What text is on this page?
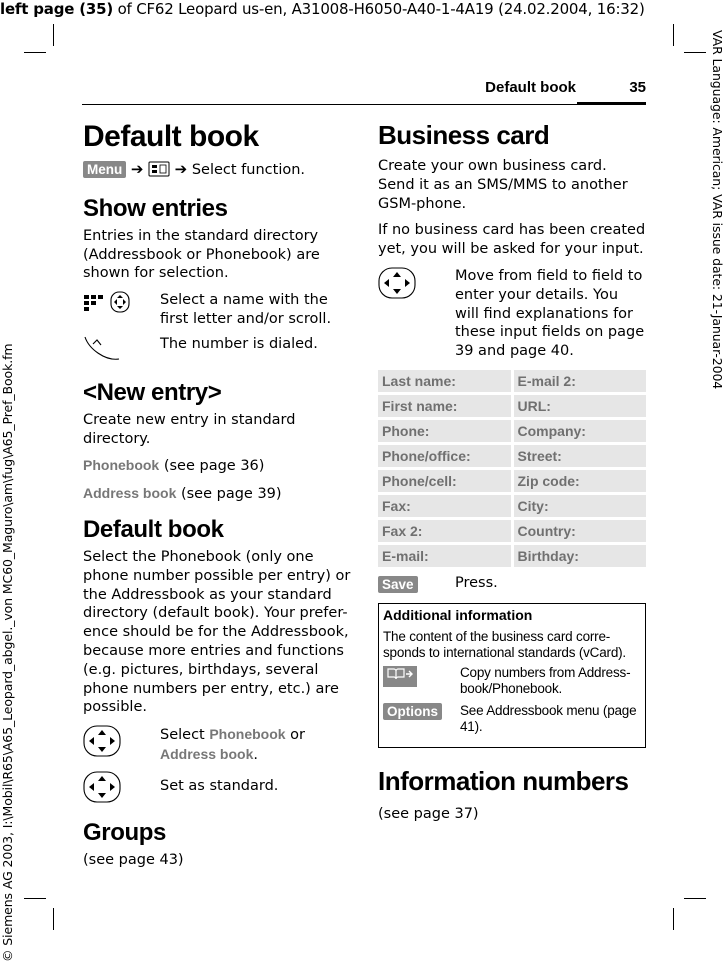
left page (35) of CF62 Leopard us-en, A31008-H6050-A40-1-4A19 (24.02.2004, 16:32)
VAR Language: American; VAR issue date: 21-Januar-2004
© Siemens AG 2003, I:\Mobil\R65\A65_Leopard_abgel._von MC60_Maguro\am\fug\A65_Pref_Book.fm
Default book	35
Default book

Menu ➔ ➔ Select function.

Show entries

Entries in the standard directory (Addressbook or Phonebook) are shown for selection.

Select a name with the first letter and/or scroll.
The number is dialed.
<New entry>

Create new entry in standard directory.

Phonebook (see page 36)

Address book (see page 39)

Default book

Select the Phonebook (only one phone number possible per entry) or the Addressbook as your standard directory (default book). Your prefer-ence should be for the Addressbook, because more entries and functions (e.g. pictures, birthdays, several phone numbers per entry, etc.) are possible.

Select Phonebook or Address book.
Set as standard.
Groups

(see page 43)

Business card

Create your own business card. Send it as an SMS/MMS to another GSM-phone.

If no business card has been created yet, you will be asked for your input.

Move from field to field to enter your details. You will find explanations for these input fields on page 39 and page 40.
Last name:	E-mail 2:
First name:	URL:
Phone:	Company:
Phone/office:	Street:
Phone/cell:	Zip code:
Fax:	City:
Fax 2:	Country:
E-mail:	Birthday:
Save	Press.
Additional information
The content of the business card corre-sponds to international standards (vCard).
Copy numbers from Address-book/Phonebook.
Options	See Addressbook menu (page 41).
Information numbers

(see page 37)
